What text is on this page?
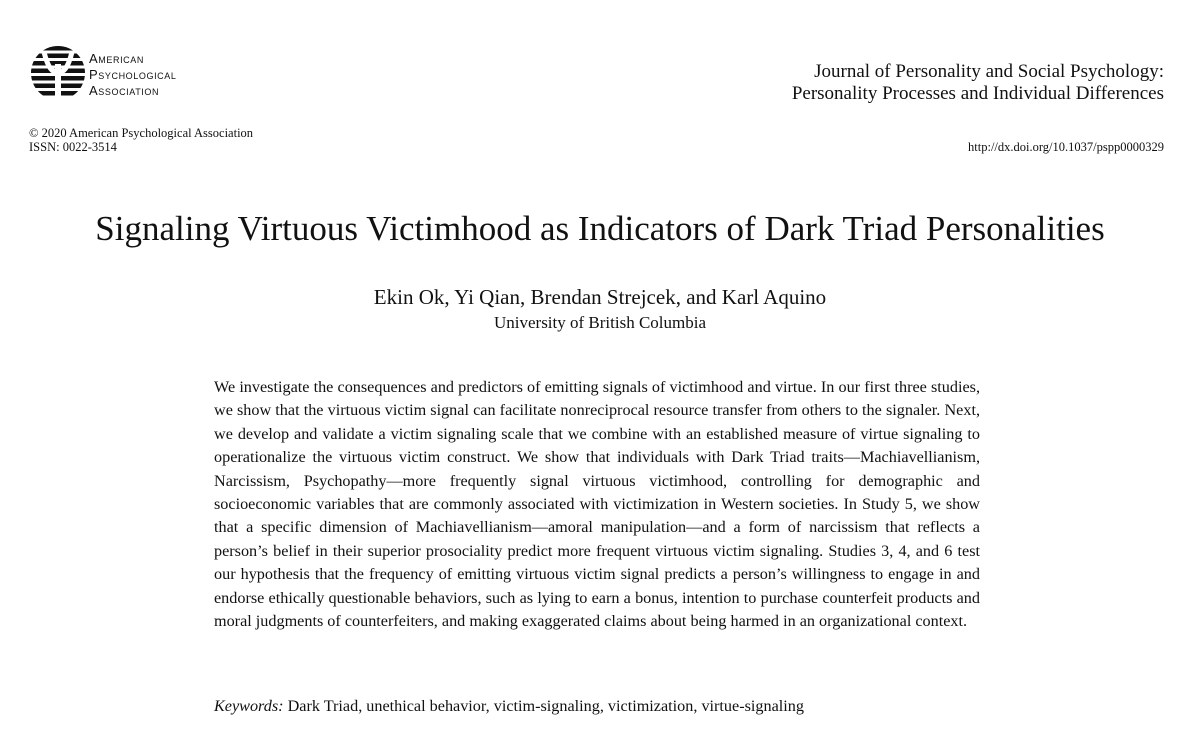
American
Psychological
Association
Journal of Personality and Social Psychology:
Personality Processes and Individual Differences
© 2020 American Psychological Association
ISSN: 0022-3514	http://dx.doi.org/10.1037/pspp0000329
Signaling Virtuous Victimhood as Indicators of Dark Triad Personalities
Ekin Ok, Yi Qian, Brendan Strejcek, and Karl Aquino
University of British Columbia

We investigate the consequences and predictors of emitting signals of victimhood and virtue. In our first three studies, we show that the virtuous victim signal can facilitate nonreciprocal resource transfer from others to the signaler. Next, we develop and validate a victim signaling scale that we combine with an established measure of virtue signaling to operationalize the virtuous victim construct. We show that individuals with Dark Triad traits—Machiavellianism, Narcissism, Psychopathy—more frequently signal virtuous victimhood, controlling for demographic and socioeconomic variables that are commonly associated with victimization in Western societies. In Study 5, we show that a specific dimension of Machiavellianism—amoral manipulation—and a form of narcissism that reflects a person’s belief in their superior prosociality predict more frequent virtuous victim signaling. Studies 3, 4, and 6 test our hypothesis that the frequency of emitting virtuous victim signal predicts a person’s willingness to engage in and endorse ethically questionable behaviors, such as lying to earn a bonus, intention to purchase counterfeit products and moral judgments of counterfeiters, and making exaggerated claims about being harmed in an organizational context.

Keywords: Dark Triad, unethical behavior, victim-signaling, victimization, virtue-signaling
